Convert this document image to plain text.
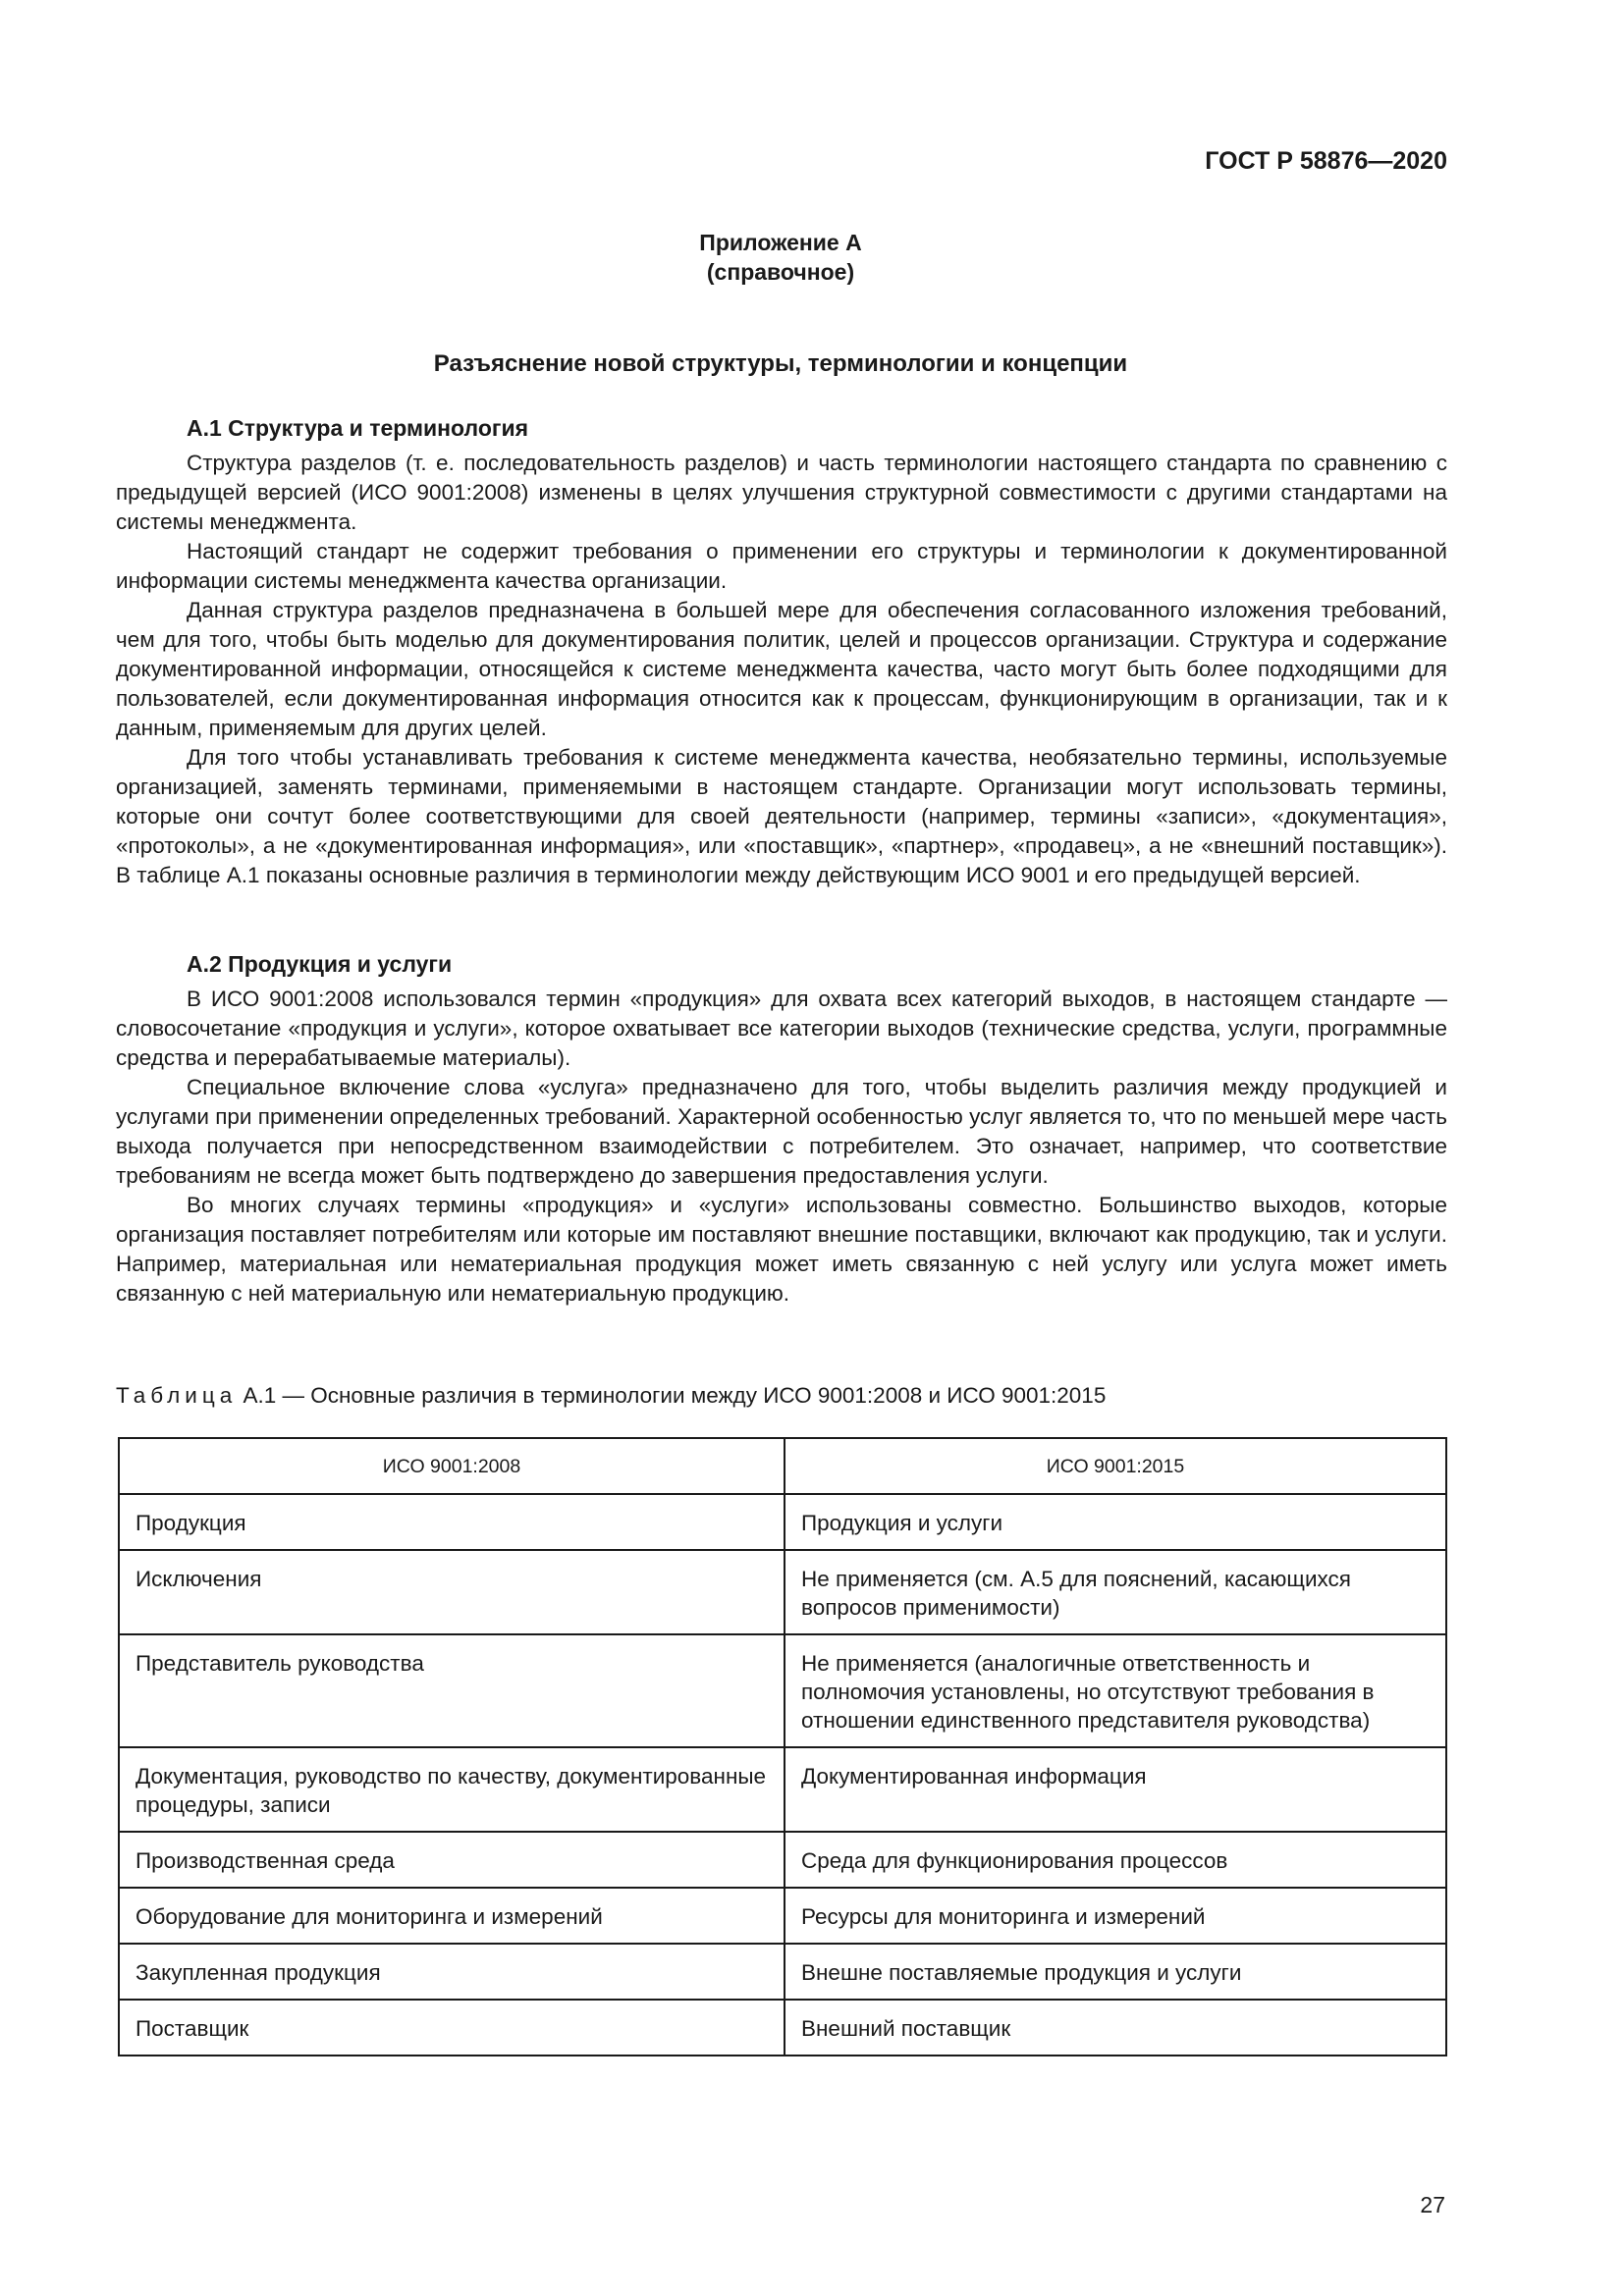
ГОСТ Р 58876—2020
Приложение А
(справочное)
Разъяснение новой структуры, терминологии и концепции

А.1 Структура и терминология

Структура разделов (т. е. последовательность разделов) и часть терминологии настоящего стандарта по сравнению с предыдущей версией (ИСО 9001:2008) изменены в целях улучшения структурной совместимости с другими стандартами на системы менеджмента.

Настоящий стандарт не содержит требования о применении его структуры и терминологии к документированной информации системы менеджмента качества организации.

Данная структура разделов предназначена в большей мере для обеспечения согласованного изложения требований, чем для того, чтобы быть моделью для документирования политик, целей и процессов организации. Структура и содержание документированной информации, относящейся к системе менеджмента качества, часто могут быть более подходящими для пользователей, если документированная информация относится как к процессам, функционирующим в организации, так и к данным, применяемым для других целей.

Для того чтобы устанавливать требования к системе менеджмента качества, необязательно термины, используемые организацией, заменять терминами, применяемыми в настоящем стандарте. Организации могут использовать термины, которые они сочтут более соответствующими для своей деятельности (например, термины «записи», «документация», «протоколы», а не «документированная информация», или «поставщик», «партнер», «продавец», а не «внешний поставщик»). В таблице А.1 показаны основные различия в терминологии между действующим ИСО 9001 и его предыдущей версией.

А.2 Продукция и услуги

В ИСО 9001:2008 использовался термин «продукция» для охвата всех категорий выходов, в настоящем стандарте — словосочетание «продукция и услуги», которое охватывает все категории выходов (технические средства, услуги, программные средства и перерабатываемые материалы).

Специальное включение слова «услуга» предназначено для того, чтобы выделить различия между продукцией и услугами при применении определенных требований. Характерной особенностью услуг является то, что по меньшей мере часть выхода получается при непосредственном взаимодействии с потребителем. Это означает, например, что соответствие требованиям не всегда может быть подтверждено до завершения предоставления услуги.

Во многих случаях термины «продукция» и «услуги» использованы совместно. Большинство выходов, которые организация поставляет потребителям или которые им поставляют внешние поставщики, включают как продукцию, так и услуги. Например, материальная или нематериальная продукция может иметь связанную с ней услугу или услуга может иметь связанную с ней материальную или нематериальную продукцию.

Таблица А.1 — Основные различия в терминологии между ИСО 9001:2008 и ИСО 9001:2015
ИСО 9001:2008	ИСО 9001:2015
Продукция	Продукция и услуги
Исключения	Не применяется (см. А.5 для пояснений, касающихся вопросов применимости)
Представитель руководства	Не применяется (аналогичные ответственность и полномочия установлены, но отсутствуют требования в отношении единственного представителя руководства)
Документация, руководство по качеству, документированные процедуры, записи	Документированная информация
Производственная среда	Среда для функционирования процессов
Оборудование для мониторинга и измерений	Ресурсы для мониторинга и измерений
Закупленная продукция	Внешне поставляемые продукция и услуги
Поставщик	Внешний поставщик
27
